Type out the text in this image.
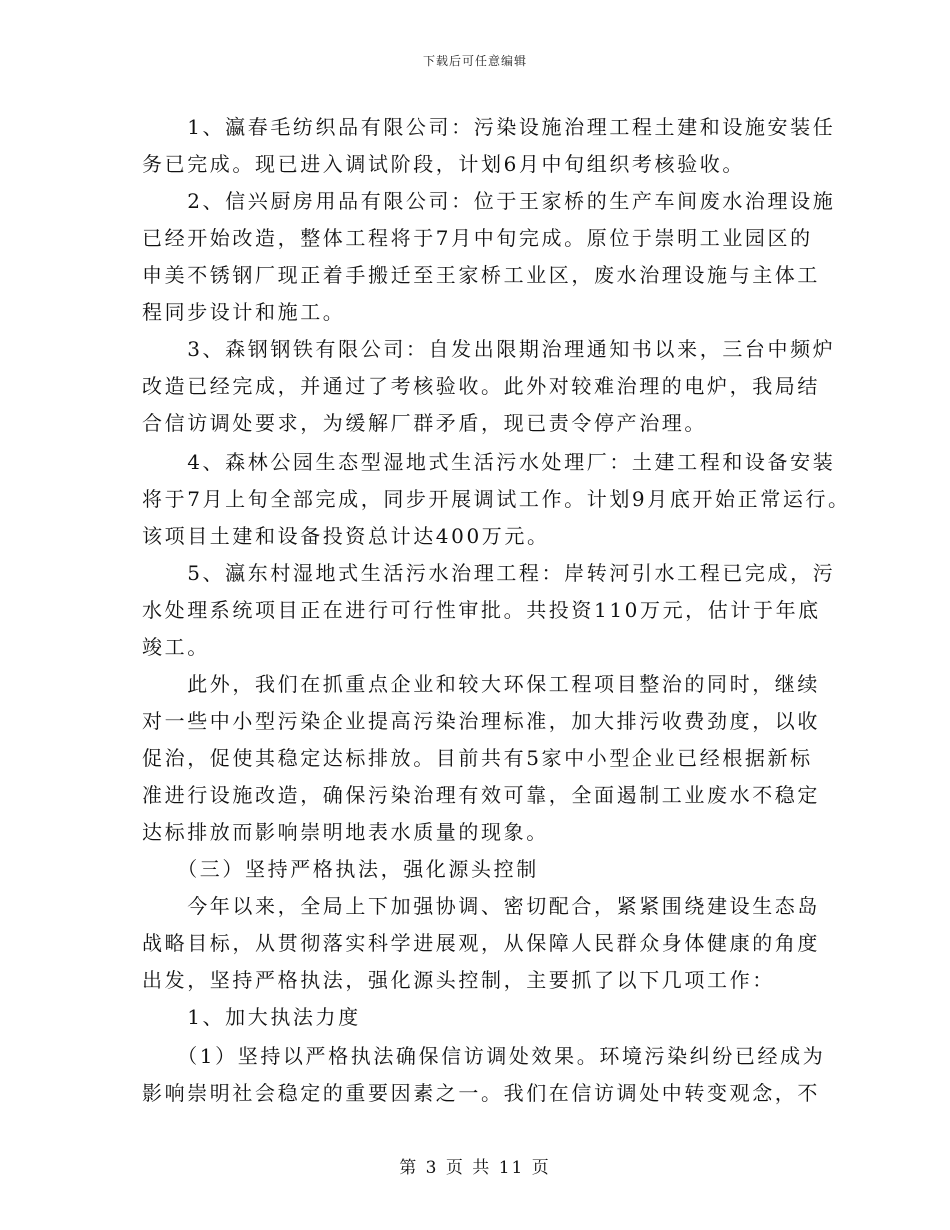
下载后可任意编辑
　　1、瀛春毛纺织品有限公司：污染设施治理工程土建和设施安装任
务已完成。现已进入调试阶段，计划6月中旬组织考核验收。
　　2、信兴厨房用品有限公司：位于王家桥的生产车间废水治理设施
已经开始改造，整体工程将于7月中旬完成。原位于崇明工业园区的
申美不锈钢厂现正着手搬迁至王家桥工业区，废水治理设施与主体工
程同步设计和施工。
　　3、森钢钢铁有限公司：自发出限期治理通知书以来，三台中频炉
改造已经完成，并通过了考核验收。此外对较难治理的电炉，我局结
合信访调处要求，为缓解厂群矛盾，现已责令停产治理。
　　4、森林公园生态型湿地式生活污水处理厂：土建工程和设备安装
将于7月上旬全部完成，同步开展调试工作。计划9月底开始正常运行。
该项目土建和设备投资总计达400万元。
　　5、瀛东村湿地式生活污水治理工程：岸转河引水工程已完成，污
水处理系统项目正在进行可行性审批。共投资110万元，估计于年底
竣工。
　　此外，我们在抓重点企业和较大环保工程项目整治的同时，继续
对一些中小型污染企业提高污染治理标准，加大排污收费劲度，以收
促治，促使其稳定达标排放。目前共有5家中小型企业已经根据新标
准进行设施改造，确保污染治理有效可靠，全面遏制工业废水不稳定
达标排放而影响崇明地表水质量的现象。
　　（三）坚持严格执法，强化源头控制
　　今年以来，全局上下加强协调、密切配合，紧紧围绕建设生态岛
战略目标，从贯彻落实科学进展观，从保障人民群众身体健康的角度
出发，坚持严格执法，强化源头控制，主要抓了以下几项工作：
　　1、加大执法力度
　　（1）坚持以严格执法确保信访调处效果。环境污染纠纷已经成为
影响崇明社会稳定的重要因素之一。我们在信访调处中转变观念，不
第 3 页 共 11 页
